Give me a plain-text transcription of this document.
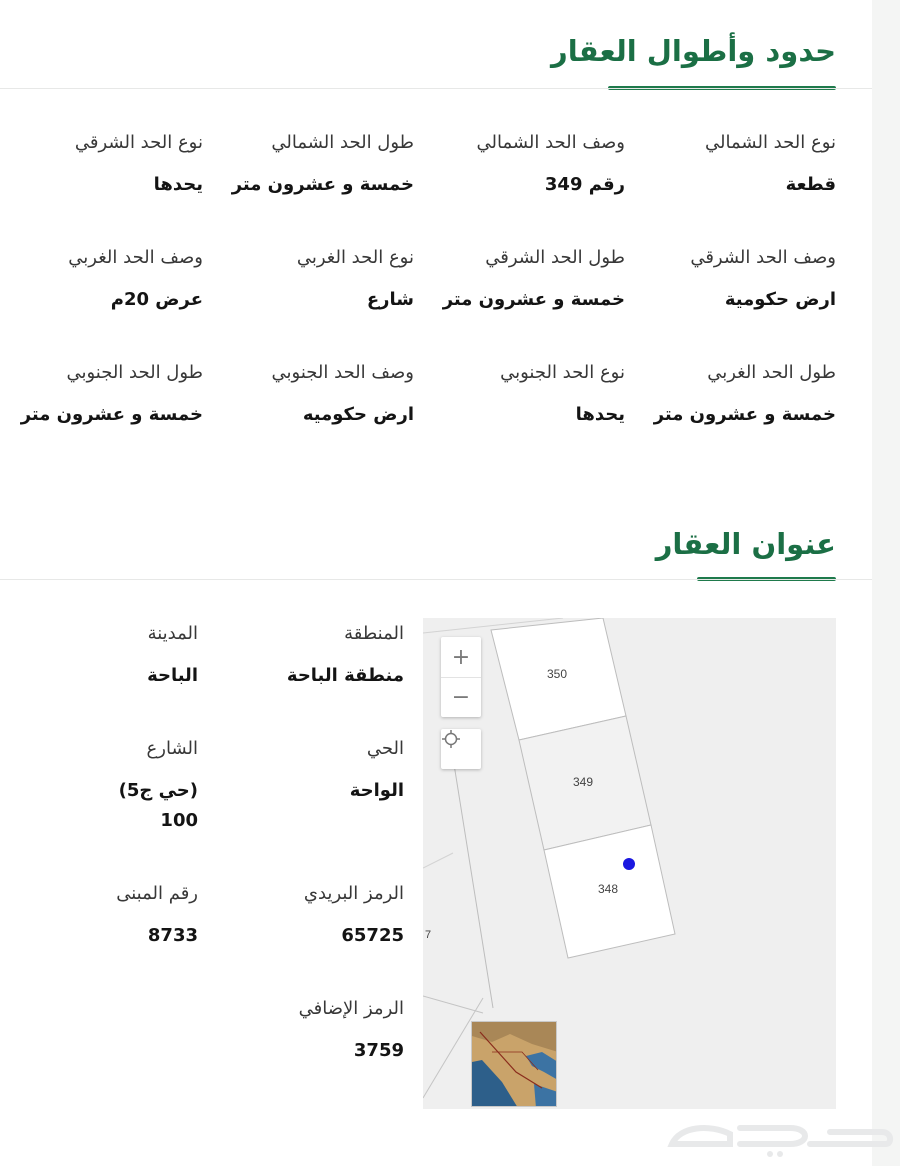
حدود وأطوال العقار
نوع الحد الشمالي
قطعة
وصف الحد الشمالي
رقم 349
طول الحد الشمالي
خمسة و عشرون متر
نوع الحد الشرقي
يحدها
وصف الحد الشرقي
ارض حكومية
طول الحد الشرقي
خمسة و عشرون متر
نوع الحد الغربي
شارع
وصف الحد الغربي
عرض 20م
طول الحد الغربي
خمسة و عشرون متر
نوع الحد الجنوبي
يحدها
وصف الحد الجنوبي
ارض حكوميه
طول الحد الجنوبي
خمسة و عشرون متر
عنوان العقار
المنطقة
منطقة الباحة
المدينة
الباحة
الحي
الواحة
الشارع
(حي ج5) 100
الرمز البريدي
65725
رقم المبنى
8733
الرمز الإضافي
3759
350
349
348
7
+
−
